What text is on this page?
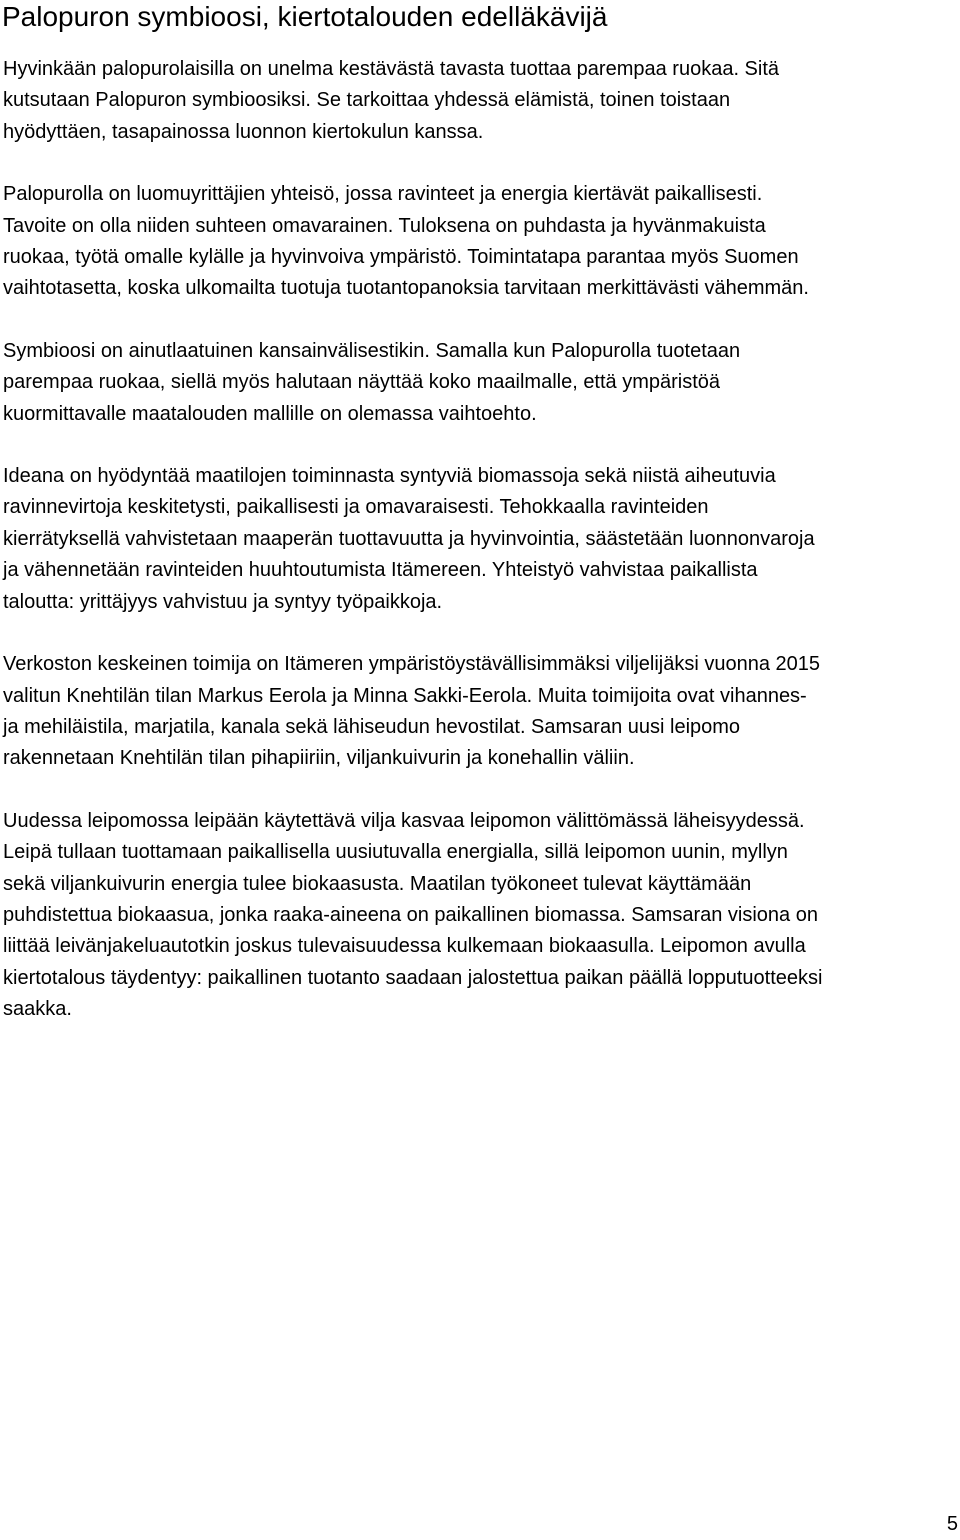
Palopuron symbioosi, kiertotalouden edelläkävijä

Hyvinkään palopurolaisilla on unelma kestävästä tavasta tuottaa parempaa ruokaa. Sitä
kutsutaan Palopuron symbioosiksi. Se tarkoittaa yhdessä elämistä, toinen toistaan
hyödyttäen, tasapainossa luonnon kiertokulun kanssa.

Palopurolla on luomuyrittäjien yhteisö, jossa ravinteet ja energia kiertävät paikallisesti.
Tavoite on olla niiden suhteen omavarainen. Tuloksena on puhdasta ja hyvänmakuista
ruokaa, työtä omalle kylälle ja hyvinvoiva ympäristö. Toimintatapa parantaa myös Suomen
vaihtotasetta, koska ulkomailta tuotuja tuotantopanoksia tarvitaan merkittävästi vähemmän.

Symbioosi on ainutlaatuinen kansainvälisestikin. Samalla kun Palopurolla tuotetaan
parempaa ruokaa, siellä myös halutaan näyttää koko maailmalle, että ympäristöä
kuormittavalle maatalouden mallille on olemassa vaihtoehto.

Ideana on hyödyntää maatilojen toiminnasta syntyviä biomassoja sekä niistä aiheutuvia
ravinnevirtoja keskitetysti, paikallisesti ja omavaraisesti. Tehokkaalla ravinteiden
kierrätyksellä vahvistetaan maaperän tuottavuutta ja hyvinvointia, säästetään luonnonvaroja
ja vähennetään ravinteiden huuhtoutumista Itämereen. Yhteistyö vahvistaa paikallista
taloutta: yrittäjyys vahvistuu ja syntyy työpaikkoja.

Verkoston keskeinen toimija on Itämeren ympäristöystävällisimmäksi viljelijäksi vuonna 2015
valitun Knehtilän tilan Markus Eerola ja Minna Sakki-Eerola. Muita toimijoita ovat vihannes-
ja mehiläistila, marjatila, kanala sekä lähiseudun hevostilat. Samsaran uusi leipomo
rakennetaan Knehtilän tilan pihapiiriin, viljankuivurin ja konehallin väliin.

Uudessa leipomossa leipään käytettävä vilja kasvaa leipomon välittömässä läheisyydessä.
Leipä tullaan tuottamaan paikallisella uusiutuvalla energialla, sillä leipomon uunin, myllyn
sekä viljankuivurin energia tulee biokaasusta. Maatilan työkoneet tulevat käyttämään
puhdistettua biokaasua, jonka raaka-aineena on paikallinen biomassa. Samsaran visiona on
liittää leivänjakeluautotkin joskus tulevaisuudessa kulkemaan biokaasulla. Leipomon avulla
kiertotalous täydentyy: paikallinen tuotanto saadaan jalostettua paikan päällä lopputuotteeksi
saakka.

5
